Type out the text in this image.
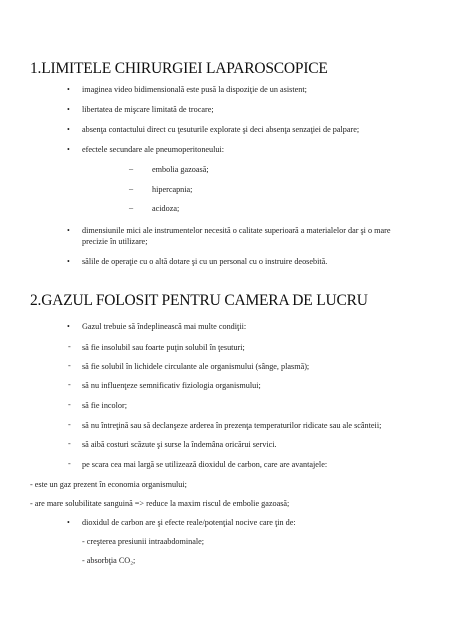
1.LIMITELE CHIRURGIEI LAPAROSCOPICE
• imaginea video bidimensională este pusă la dispoziţie de un asistent;

• libertatea de mişcare limitată de trocare;

• absenţa contactului direct cu ţesuturile explorate şi deci absenţa senzaţiei de palpare;

• efectele secundare ale pneumoperitoneului:

– embolia gazoasă;

– hipercapnia;

– acidoza;

• dimensiunile mici ale instrumentelor necesită o calitate superioară a materialelor dar şi o mare

precizie în utilizare;

• sălile de operaţie cu o altă dotare şi cu un personal cu o instruire deosebită.

2.GAZUL FOLOSIT PENTRU CAMERA DE LUCRU
• Gazul trebuie să îndeplinească mai multe condiţii:

- să fie insolubil sau foarte puţin solubil în ţesuturi;

- să fie solubil în lichidele circulante ale organismului (sânge, plasmă);

- să nu influenţeze semnificativ fiziologia organismului;

- să fie incolor;

- să nu întreţină sau să declanşeze arderea în prezenţa temperaturilor ridicate sau ale scânteii;

- să aibă costuri scăzute şi surse la îndemâna oricărui servici.

- pe scara cea mai largă se utilizează dioxidul de carbon, care are avantajele:

- este un gaz prezent în economia organismului;

- are mare solubilitate sanguină => reduce la maxim riscul de embolie gazoasă;

• dioxidul de carbon are şi efecte reale/potenţial nocive care ţin de:

- creşterea presiunii intraabdominale;

- absorbţia CO₂;
